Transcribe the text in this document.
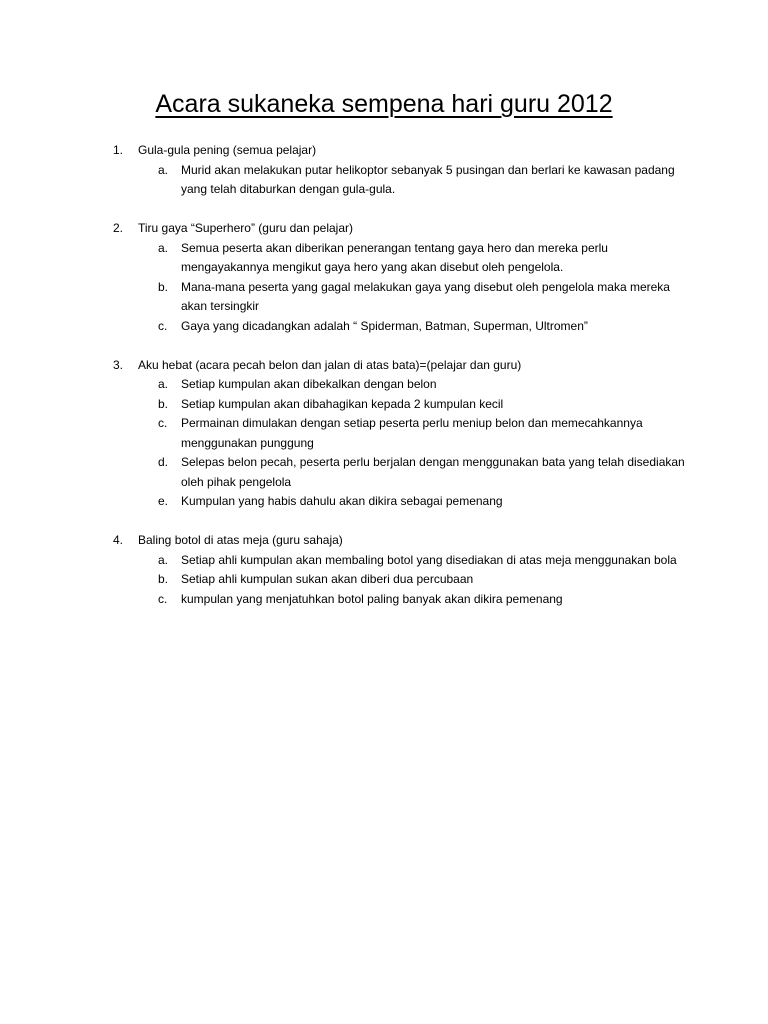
Acara sukaneka sempena hari guru 2012
1. Gula-gula pening (semua pelajar)
a. Murid akan melakukan putar helikoptor sebanyak 5 pusingan dan berlari ke kawasan padang yang telah ditaburkan dengan gula-gula.
2. Tiru gaya “Superhero” (guru dan pelajar)
a. Semua peserta akan diberikan penerangan tentang gaya hero dan mereka perlu mengayakannya mengikut gaya hero yang akan disebut oleh pengelola.
b. Mana-mana peserta yang gagal melakukan gaya yang disebut oleh pengelola maka mereka akan tersingkir
c. Gaya yang dicadangkan adalah “ Spiderman, Batman, Superman, Ultromen”
3. Aku hebat (acara pecah belon dan jalan di atas bata)=(pelajar dan guru)
a. Setiap kumpulan akan dibekalkan dengan belon
b. Setiap kumpulan akan dibahagikan kepada 2 kumpulan kecil
c. Permainan dimulakan dengan setiap peserta perlu meniup belon dan memecahkannya menggunakan punggung
d. Selepas belon pecah, peserta perlu berjalan dengan menggunakan bata yang telah disediakan oleh pihak pengelola
e. Kumpulan yang habis dahulu akan dikira sebagai pemenang
4. Baling botol di atas meja (guru sahaja)
a. Setiap ahli kumpulan akan membaling botol yang disediakan di atas meja menggunakan bola
b. Setiap ahli kumpulan sukan akan diberi dua percubaan
c. kumpulan yang menjatuhkan botol paling banyak akan dikira pemenang
